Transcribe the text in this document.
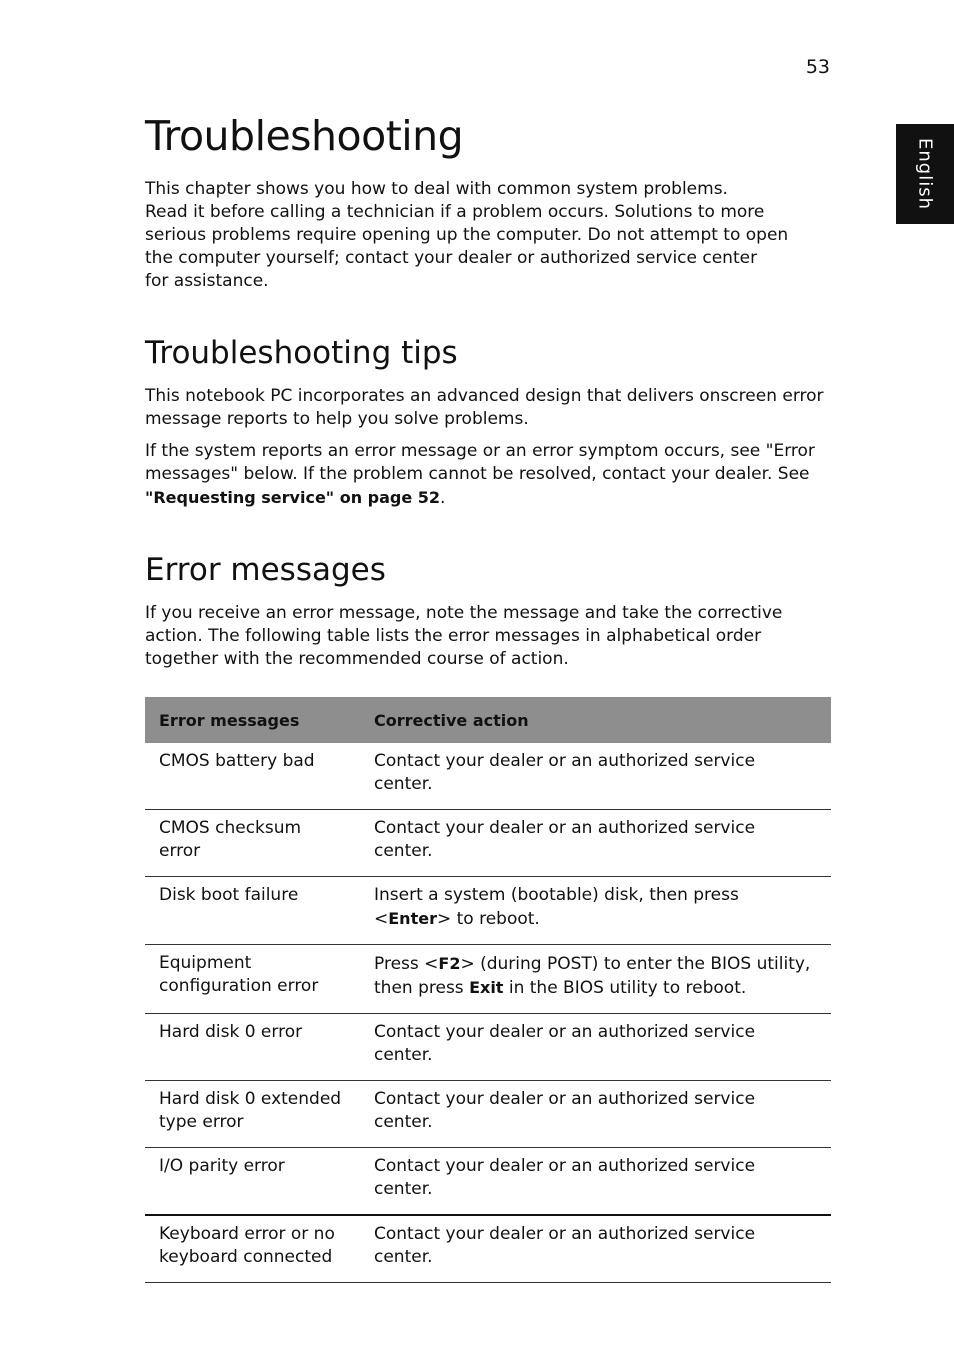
53
English
Troubleshooting

This chapter shows you how to deal with common system problems.
Read it before calling a technician if a problem occurs. Solutions to more
serious problems require opening up the computer. Do not attempt to open
the computer yourself; contact your dealer or authorized service center
for assistance.

Troubleshooting tips

This notebook PC incorporates an advanced design that delivers onscreen error message reports to help you solve problems.

If the system reports an error message or an error symptom occurs, see "Error messages" below. If the problem cannot be resolved, contact your dealer. See "Requesting service" on page 52.

Error messages

If you receive an error message, note the message and take the corrective action. The following table lists the error messages in alphabetical order together with the recommended course of action.

Error messages	Corrective action
CMOS battery bad	Contact your dealer or an authorized service center.
CMOS checksum error	Contact your dealer or an authorized service center.
Disk boot failure	Insert a system (bootable) disk, then press <Enter> to reboot.
Equipment configuration error	Press <F2> (during POST) to enter the BIOS utility, then press Exit in the BIOS utility to reboot.
Hard disk 0 error	Contact your dealer or an authorized service center.
Hard disk 0 extended type error	Contact your dealer or an authorized service center.
I/O parity error	Contact your dealer or an authorized service center.
Keyboard error or no keyboard connected	Contact your dealer or an authorized service center.
